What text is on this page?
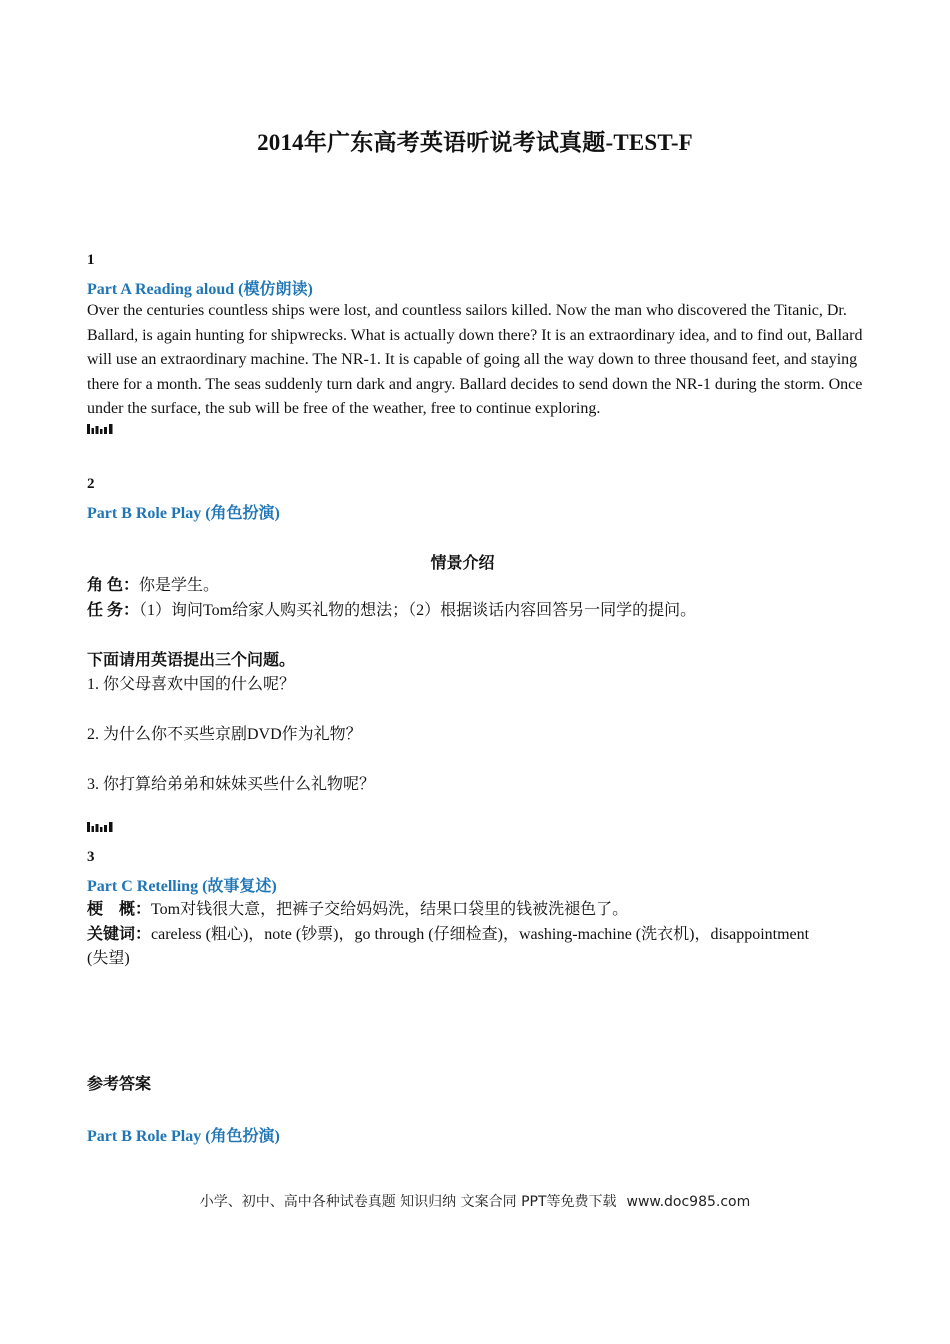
2014年广东高考英语听说考试真题-TEST-F
1
Part A Reading aloud (模仿朗读)
Over the centuries countless ships were lost, and countless sailors killed. Now the man who discovered the Titanic, Dr. Ballard, is again hunting for shipwrecks. What is actually down there? It is an extraordinary idea, and to find out, Ballard will use an extraordinary machine. The NR-1. It is capable of going all the way down to three thousand feet, and staying there for a month. The seas suddenly turn dark and angry. Ballard decides to send down the NR-1 during the storm. Once under the surface, the sub will be free of the weather, free to continue exploring.
2
Part B Role Play (角色扮演)
情景介绍
角 色：你是学生。
任 务：（1）询问Tom给家人购买礼物的想法；（2）根据谈话内容回答另一同学的提问。
下面请用英语提出三个问题。
1. 你父母喜欢中国的什么呢？
2. 为什么你不买些京剧DVD作为礼物？
3. 你打算给弟弟和妹妹买些什么礼物呢？
3
Part C Retelling (故事复述)
梗　概：Tom对钱很大意，把裤子交给妈妈洗，结果口袋里的钱被洗褪色了。
关键词：careless (粗心)，note (钞票)，go through (仔细检查)，washing-machine (洗衣机)，disappointment
(失望)
参考答案
Part B Role Play (角色扮演)
小学、初中、高中各种试卷真题 知识归纳 文案合同 PPT等免费下载 www.doc985.com
